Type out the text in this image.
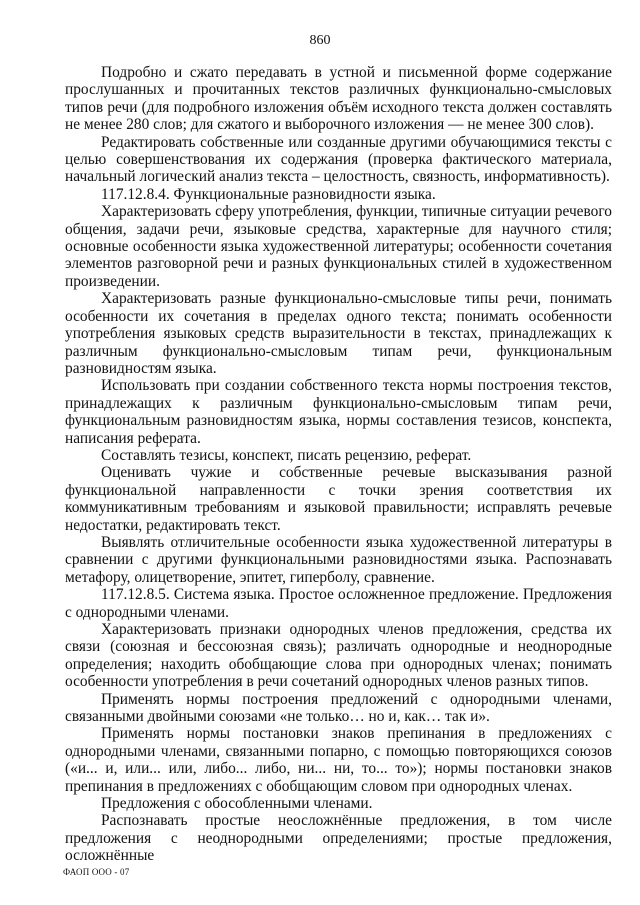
860

Подробно и сжато передавать в устной и письменной форме содержание прослушанных и прочитанных текстов различных функционально-смысловых типов речи (для подробного изложения объём исходного текста должен составлять не менее 280 слов; для сжатого и выборочного изложения — не менее 300 слов).

Редактировать собственные или созданные другими обучающимися тексты с целью совершенствования их содержания (проверка фактического материала, начальный логический анализ текста – целостность, связность, информативность).

117.12.8.4. Функциональные разновидности языка.

Характеризовать сферу употребления, функции, типичные ситуации речевого общения, задачи речи, языковые средства, характерные для научного стиля; основные особенности языка художественной литературы; особенности сочетания элементов разговорной речи и разных функциональных стилей в художественном произведении.

Характеризовать разные функционально-смысловые типы речи, понимать особенности их сочетания в пределах одного текста; понимать особенности употребления языковых средств выразительности в текстах, принадлежащих к различным функционально-смысловым типам речи, функциональным разновидностям языка.

Использовать при создании собственного текста нормы построения текстов, принадлежащих к различным функционально-смысловым типам речи, функциональным разновидностям языка, нормы составления тезисов, конспекта, написания реферата.

Составлять тезисы, конспект, писать рецензию, реферат.

Оценивать чужие и собственные речевые высказывания разной функциональной направленности с точки зрения соответствия их коммуникативным требованиям и языковой правильности; исправлять речевые недостатки, редактировать текст.

Выявлять отличительные особенности языка художественной литературы в сравнении с другими функциональными разновидностями языка. Распознавать метафору, олицетворение, эпитет, гиперболу, сравнение.

117.12.8.5. Система языка. Простое осложненное предложение. Предложения с однородными членами.

Характеризовать признаки однородных членов предложения, средства их связи (союзная и бессоюзная связь); различать однородные и неоднородные определения; находить обобщающие слова при однородных членах; понимать особенности употребления в речи сочетаний однородных членов разных типов.

Применять нормы построения предложений с однородными членами, связанными двойными союзами «не только… но и, как… так и».

Применять нормы постановки знаков препинания в предложениях с однородными членами, связанными попарно, с помощью повторяющихся союзов («и... и, или... или, либо... либо, ни... ни, то... то»); нормы постановки знаков препинания в предложениях с обобщающим словом при однородных членах.

Предложения с обособленными членами.

Распознавать простые неосложнённые предложения, в том числе предложения с неоднородными определениями; простые предложения, осложнённые

ФАОП ООО - 07
